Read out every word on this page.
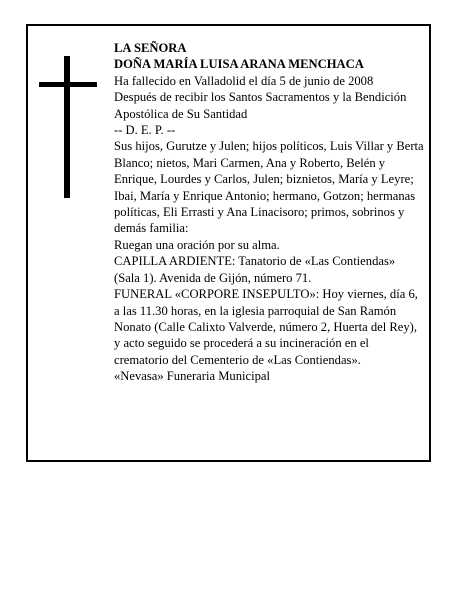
LA SEÑORA

DOÑA MARÍA LUISA ARANA MENCHACA

Ha fallecido en Valladolid el día 5 de junio de 2008

Después de recibir los Santos Sacramentos y la Bendición Apostólica de Su Santidad

-- D. E. P. --

Sus hijos, Gurutze y Julen; hijos políticos, Luis Villar y Berta Blanco; nietos, Mari Carmen, Ana y Roberto, Belén y Enrique, Lourdes y Carlos, Julen; biznietos, María y Leyre; Ibai, María y Enrique Antonio; hermano, Gotzon; hermanas políticas, Eli Errasti y Ana Linacisoro; primos, sobrinos y demás familia:

Ruegan una oración por su alma.

CAPILLA ARDIENTE: Tanatorio de «Las Contiendas» (Sala 1). Avenida de Gijón, número 71.

FUNERAL «CORPORE INSEPULTO»: Hoy viernes, día 6, a las 11.30 horas, en la iglesia parroquial de San Ramón Nonato (Calle Calixto Valverde, número 2, Huerta del Rey), y acto seguido se procederá a su incineración en el crematorio del Cementerio de «Las Contiendas».

«Nevasa» Funeraria Municipal
